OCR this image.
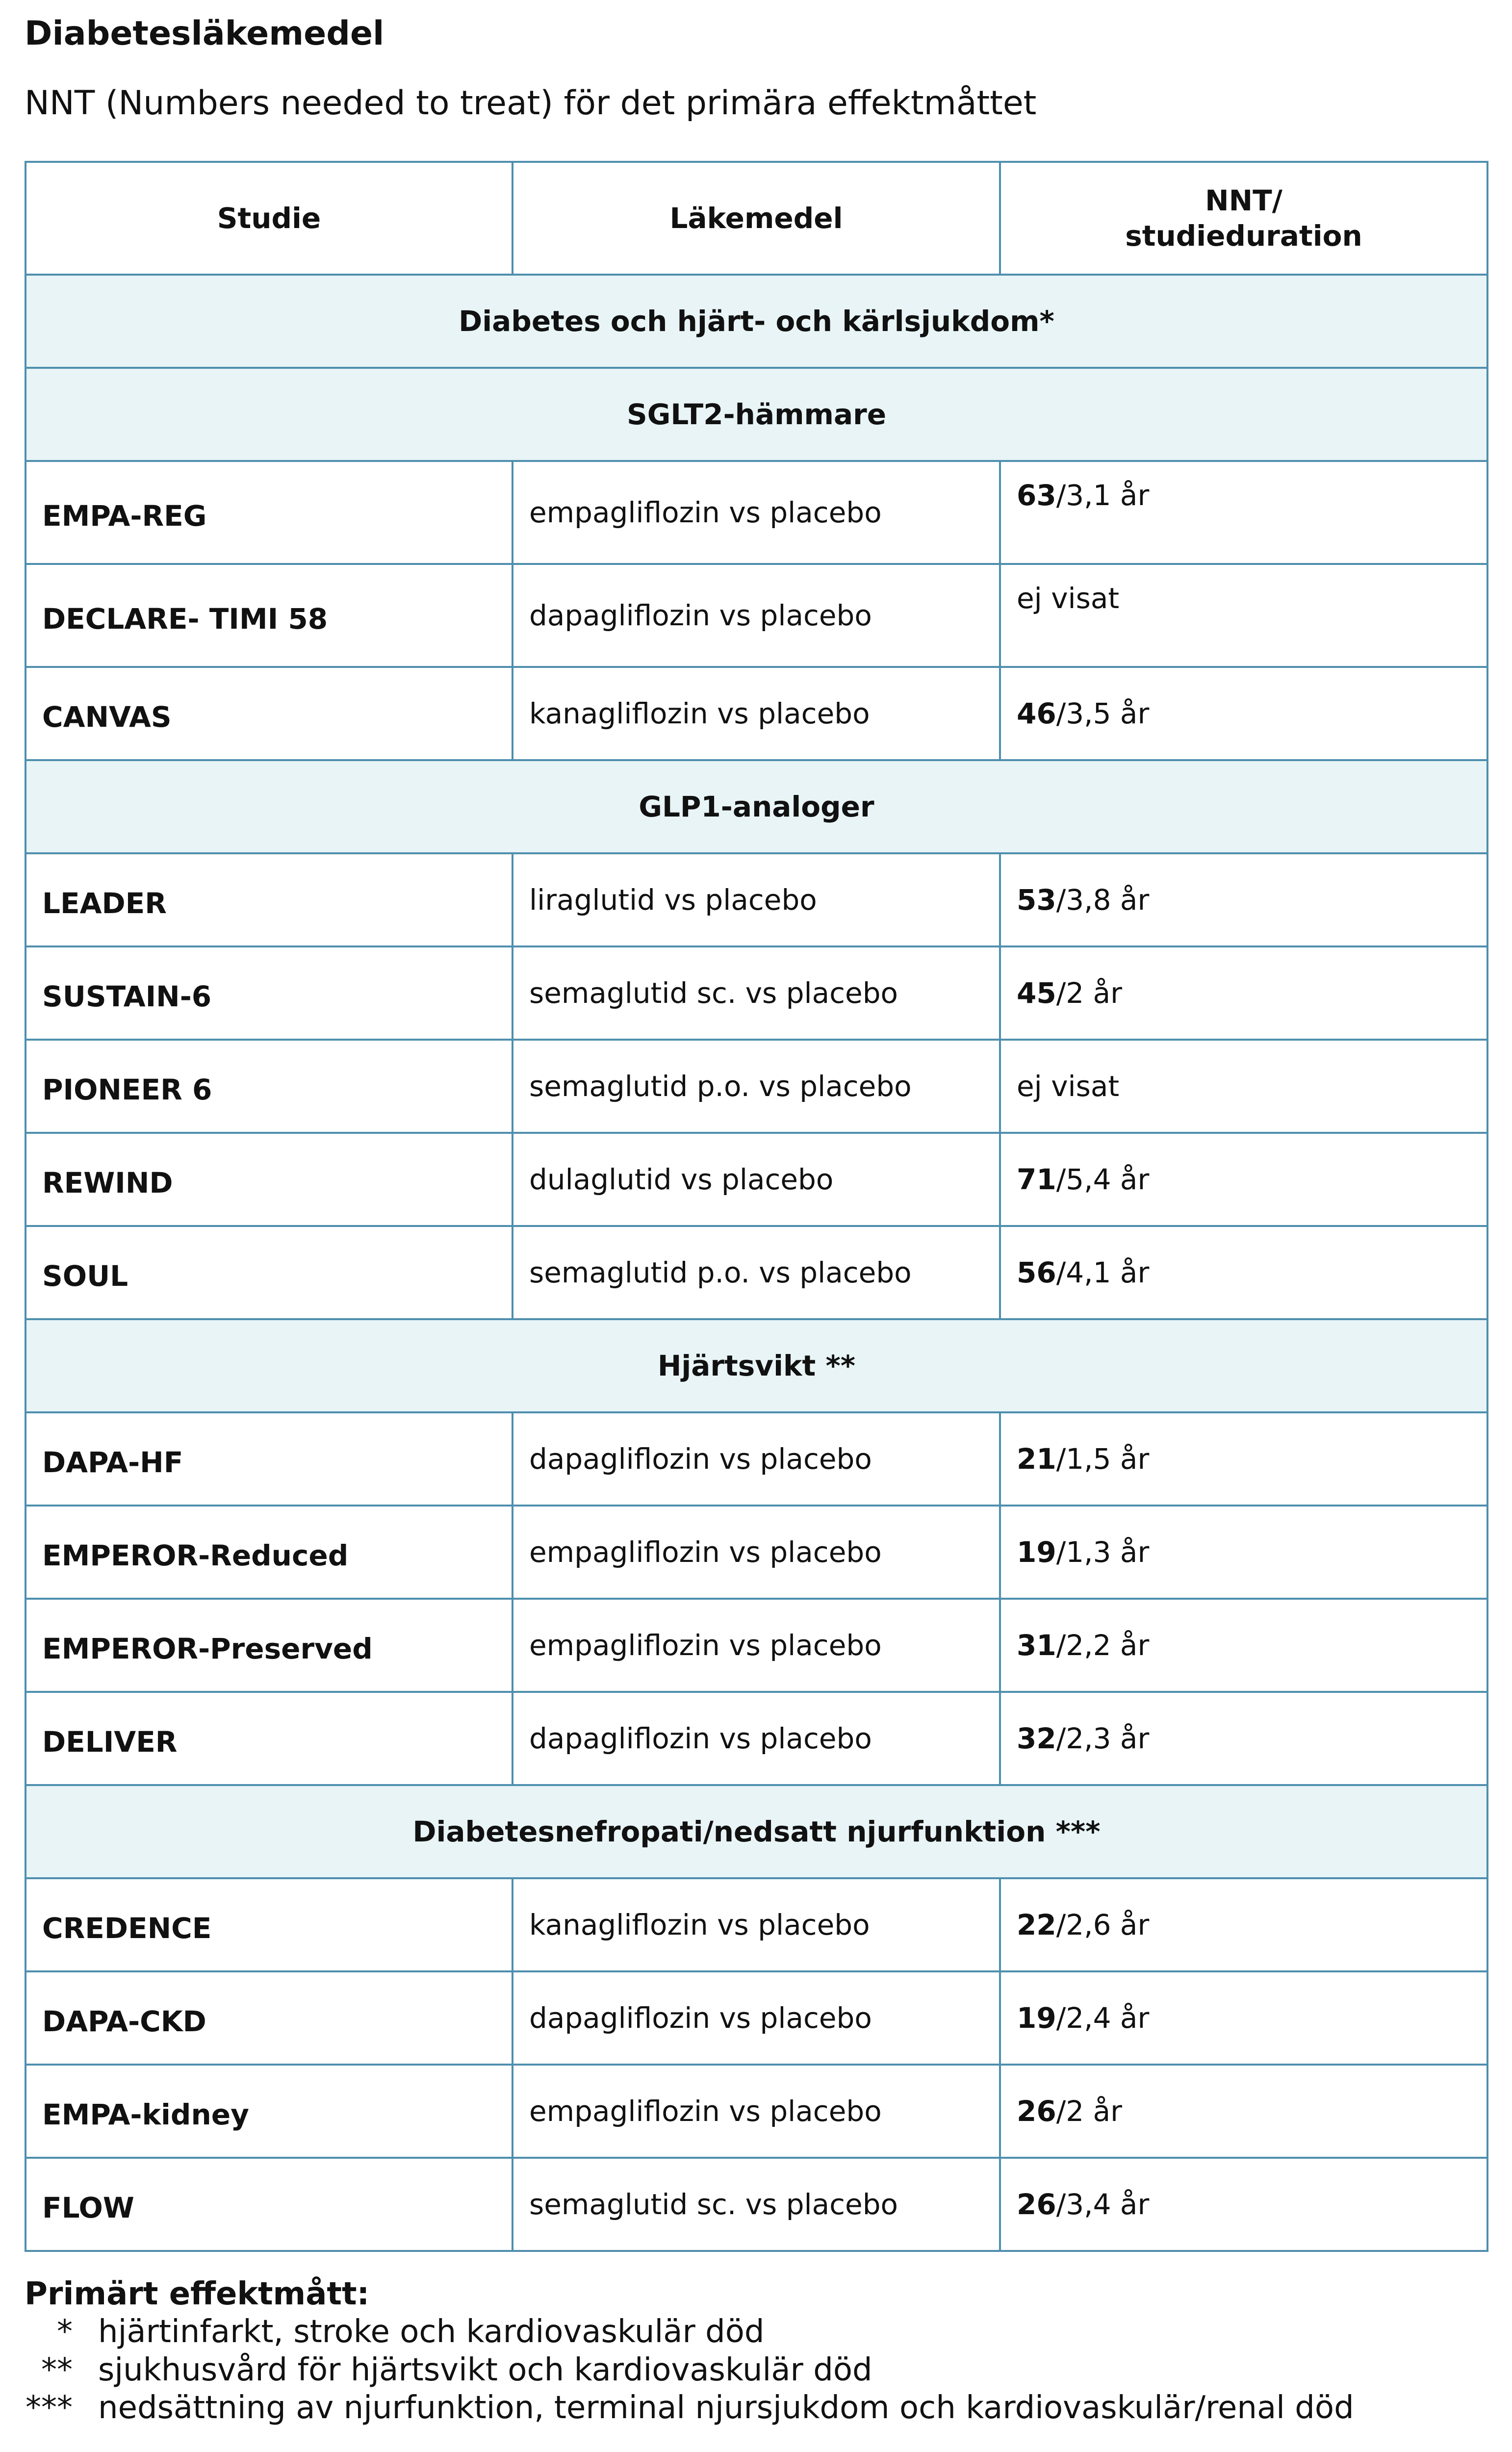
Diabetesläkemedel
NNT (Numbers needed to treat) för det primära effektmåttet
Studie	Läkemedel	NNT/
studieduration
Diabetes och hjärt- och kärlsjukdom*		
SGLT2-hämmare		
EMPA-REG	empagliflozin vs placebo	63/3,1 år
DECLARE- TIMI 58	dapagliflozin vs placebo	ej visat
CANVAS	kanagliflozin vs placebo	46/3,5 år
GLP1-analoger		
LEADER	liraglutid vs placebo	53/3,8 år
SUSTAIN-6	semaglutid sc. vs placebo	45/2 år
PIONEER 6	semaglutid p.o. vs placebo	ej visat
REWIND	dulaglutid vs placebo	71/5,4 år
SOUL	semaglutid p.o. vs placebo	56/4,1 år
Hjärtsvikt **		
DAPA-HF	dapagliflozin vs placebo	21/1,5 år
EMPEROR-Reduced	empagliflozin vs placebo	19/1,3 år
EMPEROR-Preserved	empagliflozin vs placebo	31/2,2 år
DELIVER	dapagliflozin vs placebo	32/2,3 år
Diabetesnefropati/nedsatt njurfunktion ***		
CREDENCE	kanagliflozin vs placebo	22/2,6 år
DAPA-CKD	dapagliflozin vs placebo	19/2,4 år
EMPA-kidney	empagliflozin vs placebo	26/2 år
FLOW	semaglutid sc. vs placebo	26/3,4 år
Primärt effektmått:
* hjärtinfarkt, stroke och kardiovaskulär död
** sjukhusvård för hjärtsvikt och kardiovaskulär död
*** nedsättning av njurfunktion, terminal njursjukdom och kardiovaskulär/renal död
